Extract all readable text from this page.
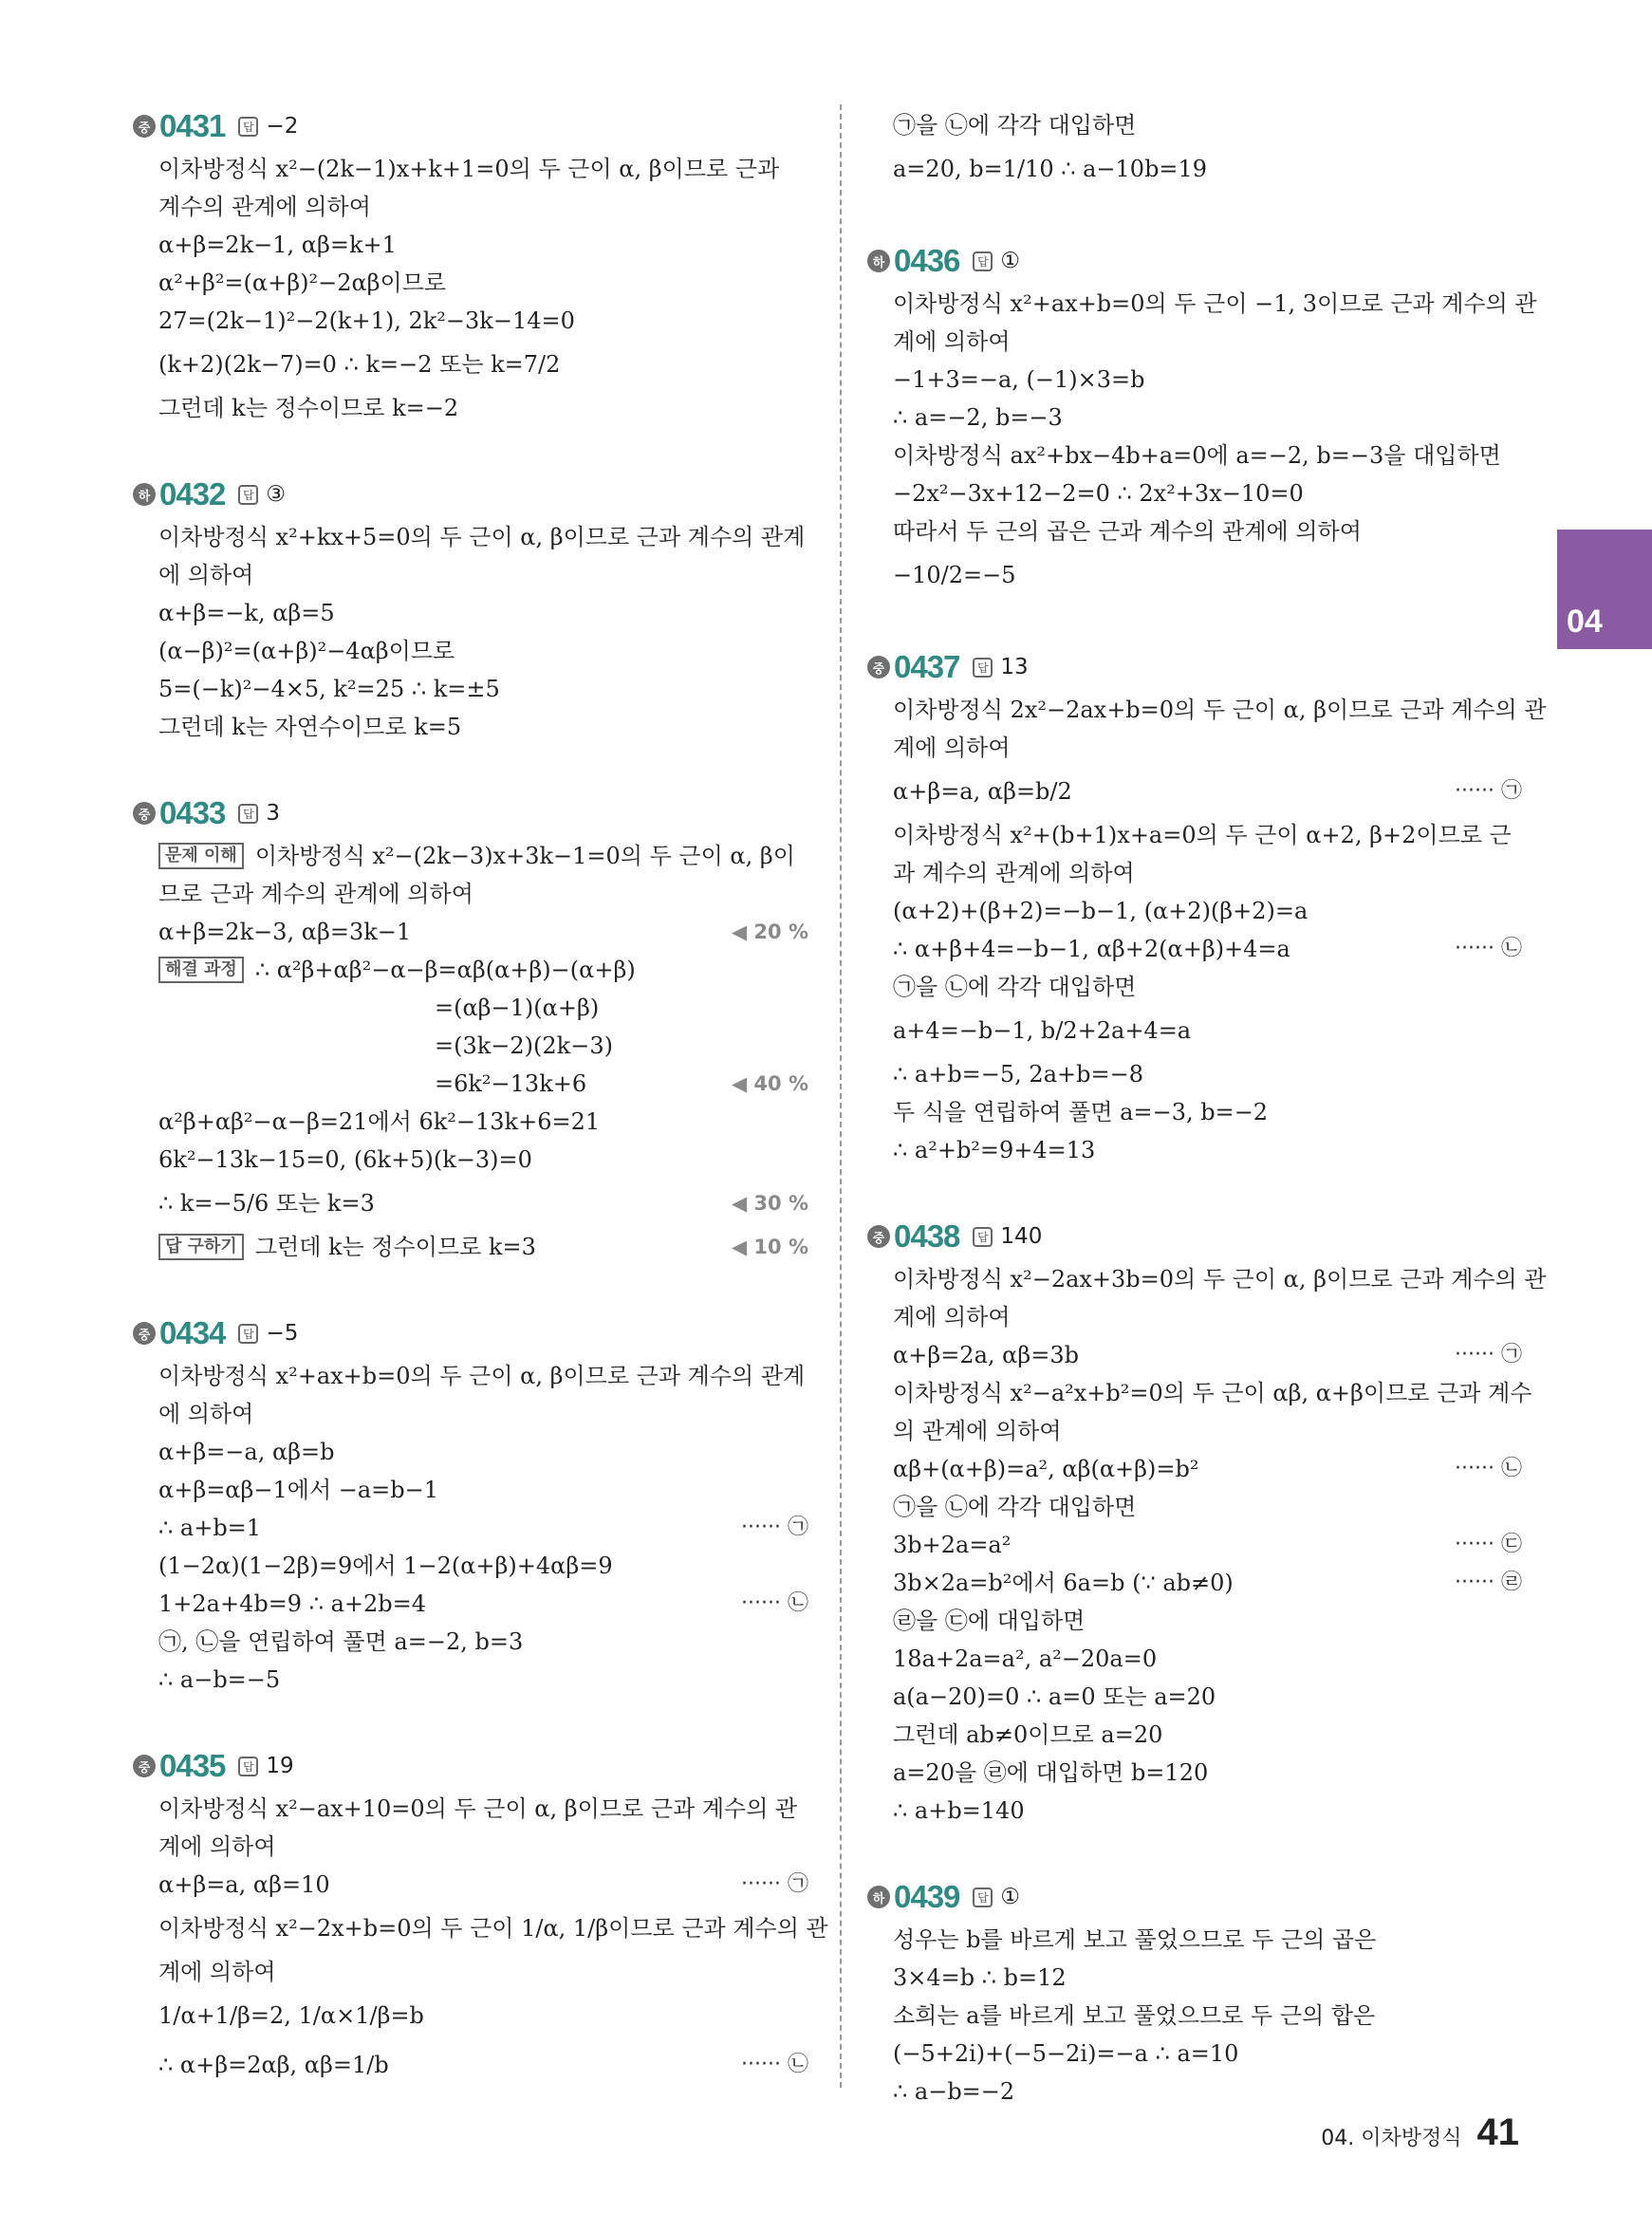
중 0431	답 −2
이차방정식 x²−(2k−1)x+k+1=0의 두 근이 α, β이므로 근과
계수의 관계에 의하여
α+β=2k−1, αβ=k+1
α²+β²=(α+β)²−2αβ이므로
27=(2k−1)²−2(k+1), 2k²−3k−14=0
(k+2)(2k−7)=0 ∴ k=−2 또는 k=7/2
그런데 k는 정수이므로 k=−2
하 0432	답 ③
이차방정식 x²+kx+5=0의 두 근이 α, β이므로 근과 계수의 관계
에 의하여
α+β=−k, αβ=5
(α−β)²=(α+β)²−4αβ이므로
5=(−k)²−4×5, k²=25 ∴ k=±5
그런데 k는 자연수이므로 k=5
중 0433	답 3
문제 이해 이차방정식 x²−(2k−3)x+3k−1=0의 두 근이 α, β이
므로 근과 계수의 관계에 의하여
α+β=2k−3, αβ=3k−1	◀ 20 %
해결 과정 ∴ α²β+αβ²−α−β=αβ(α+β)−(α+β)
=(αβ−1)(α+β)
=(3k−2)(2k−3)
=6k²−13k+6	◀ 40 %
α²β+αβ²−α−β=21에서 6k²−13k+6=21
6k²−13k−15=0, (6k+5)(k−3)=0
∴ k=−5/6 또는 k=3	◀ 30 %
답 구하기 그런데 k는 정수이므로 k=3	◀ 10 %
중 0434	답 −5
이차방정식 x²+ax+b=0의 두 근이 α, β이므로 근과 계수의 관계
에 의하여
α+β=−a, αβ=b
α+β=αβ−1에서 −a=b−1
∴ a+b=1	······ ㉠
(1−2α)(1−2β)=9에서 1−2(α+β)+4αβ=9
1+2a+4b=9 ∴ a+2b=4	······ ㉡
㉠, ㉡을 연립하여 풀면 a=−2, b=3
∴ a−b=−5
중 0435	답 19
이차방정식 x²−ax+10=0의 두 근이 α, β이므로 근과 계수의 관
계에 의하여
α+β=a, αβ=10	······ ㉠
이차방정식 x²−2x+b=0의 두 근이 1/α, 1/β이므로 근과 계수의 관
계에 의하여
1/α+1/β=2, 1/α×1/β=b
∴ α+β=2αβ, αβ=1/b	······ ㉡
㉠을 ㉡에 각각 대입하면
a=20, b=1/10 ∴ a−10b=19
하 0436	답 ①
이차방정식 x²+ax+b=0의 두 근이 −1, 3이므로 근과 계수의 관
계에 의하여
−1+3=−a, (−1)×3=b
∴ a=−2, b=−3
이차방정식 ax²+bx−4b+a=0에 a=−2, b=−3을 대입하면
−2x²−3x+12−2=0 ∴ 2x²+3x−10=0
따라서 두 근의 곱은 근과 계수의 관계에 의하여
−10/2=−5
중 0437	답 13
이차방정식 2x²−2ax+b=0의 두 근이 α, β이므로 근과 계수의 관
계에 의하여
α+β=a, αβ=b/2	······ ㉠
이차방정식 x²+(b+1)x+a=0의 두 근이 α+2, β+2이므로 근
과 계수의 관계에 의하여
(α+2)+(β+2)=−b−1, (α+2)(β+2)=a
∴ α+β+4=−b−1, αβ+2(α+β)+4=a	······ ㉡
㉠을 ㉡에 각각 대입하면
a+4=−b−1, b/2+2a+4=a
∴ a+b=−5, 2a+b=−8
두 식을 연립하여 풀면 a=−3, b=−2
∴ a²+b²=9+4=13
중 0438	답 140
이차방정식 x²−2ax+3b=0의 두 근이 α, β이므로 근과 계수의 관
계에 의하여
α+β=2a, αβ=3b	······ ㉠
이차방정식 x²−a²x+b²=0의 두 근이 αβ, α+β이므로 근과 계수
의 관계에 의하여
αβ+(α+β)=a², αβ(α+β)=b²	······ ㉡
㉠을 ㉡에 각각 대입하면
3b+2a=a²	······ ㉢
3b×2a=b²에서 6a=b (∵ ab≠0)	······ ㉣
㉣을 ㉢에 대입하면
18a+2a=a², a²−20a=0
a(a−20)=0 ∴ a=0 또는 a=20
그런데 ab≠0이므로 a=20
a=20을 ㉣에 대입하면 b=120
∴ a+b=140
하 0439	답 ①
성우는 b를 바르게 보고 풀었으므로 두 근의 곱은
3×4=b ∴ b=12
소희는 a를 바르게 보고 풀었으므로 두 근의 합은
(−5+2i)+(−5−2i)=−a ∴ a=10
∴ a−b=−2
04
04. 이차방정식 41
